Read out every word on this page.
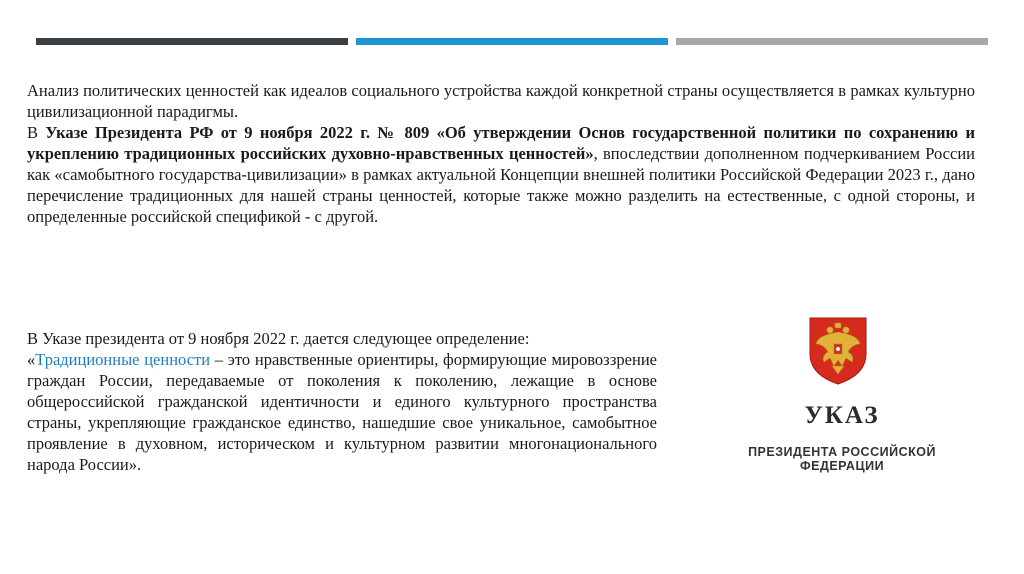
Анализ политических ценностей как идеалов социального устройства каждой конкретной страны осуществляется в рамках культурно цивилизационной парадигмы.

В Указе Президента РФ от 9 ноября 2022 г. № 809 «Об утверждении Основ государственной политики по сохранению и укреплению традиционных российских духовно-нравственных ценностей», впоследствии дополненном подчеркиванием России как «самобытного государства-цивилизации» в рамках актуальной Концепции внешней политики Российской Федерации 2023 г., дано перечисление традиционных для нашей страны ценностей, которые также можно разделить на естественные, с одной стороны, и определенные российской спецификой - с другой.

В Указе президента от 9 ноября 2022 г. дается следующее определение:

«Традиционные ценности – это нравственные ориентиры, формирующие мировоззрение граждан России, передаваемые от поколения к поколению, лежащие в основе общероссийской гражданской идентичности и единого культурного пространства страны, укрепляющие гражданское единство, нашедшие свое уникальное, самобытное проявление в духовном, историческом и культурном развитии многонационального народа России».

УКАЗ
ПРЕЗИДЕНТА РОССИЙСКОЙ ФЕДЕРАЦИИ
